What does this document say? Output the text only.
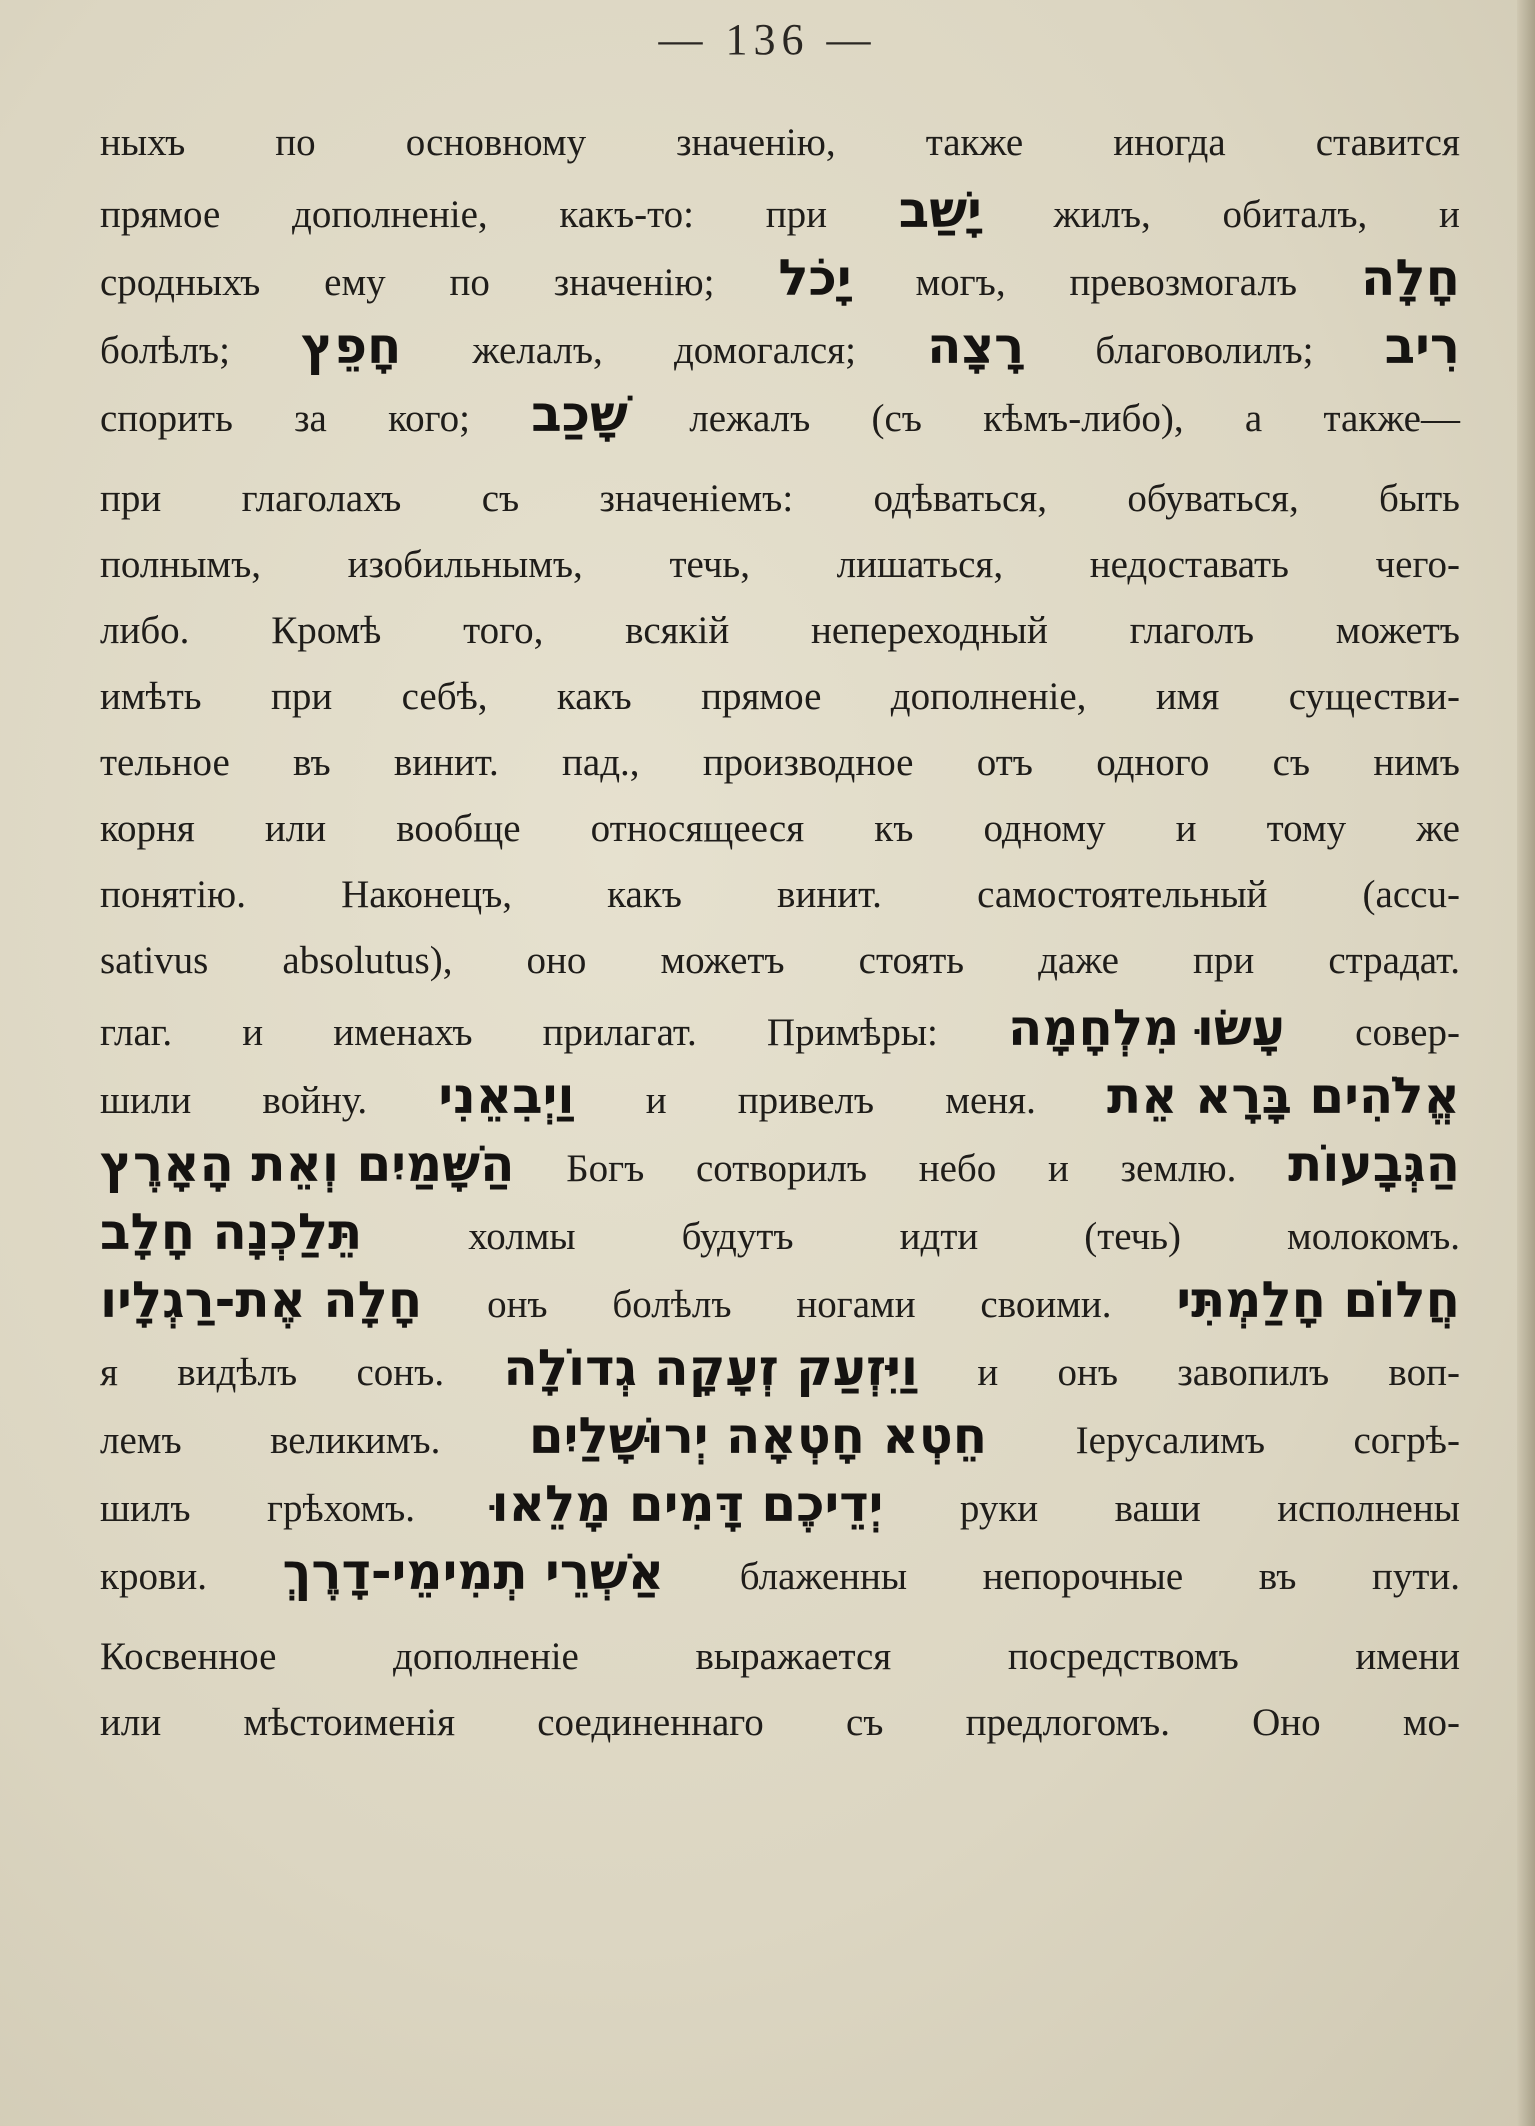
— 136 —
ныхъ по основному значенію, также иногда ставится
прямое дополненіе, какъ-то: при יָשַׁב жилъ, обиталъ, и
сродныхъ ему по значенію; יָכֹל могъ, превозмогалъ חָלָה
болѣлъ; חָפֵץ желалъ, домогался; רָצָה благоволилъ; רִיב
спорить за кого; שָׁכַב лежалъ (съ кѣмъ-либо), а также—
при глаголахъ съ значеніемъ: одѣваться, обуваться, быть
полнымъ, изобильнымъ, течь, лишаться, недоставать чего-
либо. Кромѣ того, всякій непереходный глаголъ можетъ
имѣть при себѣ, какъ прямое дополненіе, имя существи-
тельное въ винит. пад., производное отъ одного съ нимъ
корня или вообще относящееся къ одному и тому же
понятію. Наконецъ, какъ винит. самостоятельный (accu-
sativus absolutus), оно можетъ стоять даже при страдат.
глаг. и именахъ прилагат. Примѣры: עָשׂוּ מִלְחָמָה совер-
шили войну. וַיְבִאֵנִי и привелъ меня. אֱלֹהִים בָּרָא אֵת
הַשָּׁמַיִם וְאֵת הָאָרֶץ Богъ сотворилъ небо и землю. הַגְּבָעוֹת
תֵּלַכְנָה חָלָב	холмы	будутъ	идти	(течь)	молокомъ.
חָלָה אֶת-רַגְלָיו онъ болѣлъ ногами своими. חֲלוֹם חָלַמְתִּי
я видѣлъ сонъ. וַיִּזְעַק זְעָקָה גְדוֹלָה и онъ завопилъ воп-
лемъ великимъ. חֵטְא חָטְאָה יְרוּשָׁלַיִם Іерусалимъ согрѣ-
шилъ грѣхомъ. יְדֵיכֶם דָּמִים מָלֵאוּ руки ваши исполнены
крови. אַשְׁרֵי תְמִימֵי-דָרֶךְ блаженны непорочные въ пути.
Косвенное	дополненіе	выражается	посредствомъ	имени
или мѣстоименія соединеннаго съ предлогомъ. Оно мо-
